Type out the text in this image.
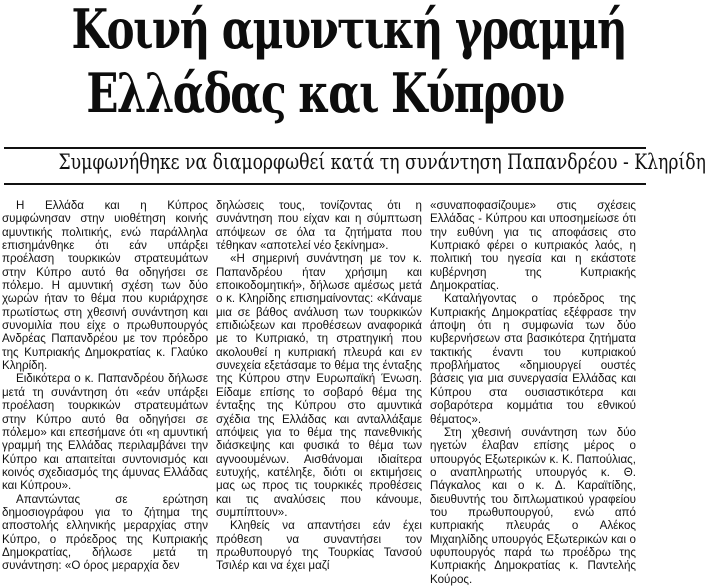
Κοινή αμυντική γραμμή
Ελλάδας και Κύπρου
Συμφωνήθηκε να διαμορφωθεί κατά τη συνάντηση Παπανδρέου - Κληρίδη

Η Ελλάδα και η Κύπρος συμφώνησαν στην υιοθέτηση κοινής αμυντικής πολιτικής, ενώ παράλληλα επισημάνθηκε ότι εάν υπάρξει προέλαση τουρκικών στρατευμάτων στην Κύπρο αυτό θα οδηγήσει σε πόλεμο. Η αμυντική σχέση των δύο χωρών ήταν το θέμα που κυριάρχησε πρωτίστως στη χθεσινή συνάντηση και συνομιλία που είχε ο πρωθυπουργός Ανδρέας Παπανδρέου με τον πρόεδρο της Κυπριακής Δημοκρατίας κ. Γλαύκο Κληρίδη.

Ειδικότερα ο κ. Παπανδρέου δήλωσε μετά τη συνάντηση ότι «εάν υπάρξει προέλαση τουρκικών στρατευμάτων στην Κύπρο αυτό θα οδηγήσει σε πόλεμο» και επεσήμανε ότι «η αμυντική γραμμή της Ελλάδας περιλαμβάνει την Κύπρο και απαιτείται συντονισμός και κοινός σχεδιασμός της άμυνας Ελλάδας και Κύπρου».

Απαντώντας σε ερώτηση δημοσιογράφου για το ζήτημα της αποστολής ελληνικής μεραρχίας στην Κύπρο, ο πρόεδρος της Κυπριακής Δημοκρατίας, δήλωσε μετά τη συνάντηση: «Ο όρος μεραρχία δεν

δηλώσεις τους, τονίζοντας ότι η συνάντηση που είχαν και η σύμπτωση απόψεων σε όλα τα ζητήματα που τέθηκαν «αποτελεί νέο ξεκίνημα».

«Η σημερινή συνάντηση με τον κ. Παπανδρέου ήταν χρήσιμη και εποικοδομητική», δήλωσε αμέσως μετά ο κ. Κληρίδης επισημαίνοντας: «Κάναμε μια σε βάθος ανάλυση των τουρκικών επιδιώξεων και προθέσεων αναφορικά με το Κυπριακό, τη στρατηγική που ακολουθεί η κυπριακή πλευρά και εν συνεχεία εξετάσαμε το θέμα της ένταξης της Κύπρου στην Ευρωπαϊκή Ένωση. Είδαμε επίσης το σοβαρό θέμα της ένταξης της Κύπρου στο αμυντικά σχέδια της Ελλάδας και ανταλλάξαμε απόψεις για το θέμα της πανεθνικής διάσκεψης και φυσικά το θέμα των αγνοουμένων. Αισθάνομαι ιδιαίτερα ευτυχής, κατέληξε, διότι οι εκτιμήσεις μας ως προς τις τουρκικές προθέσεις και τις αναλύσεις που κάνουμε, συμπίπτουν».

Κληθείς να απαντήσει εάν έχει πρόθεση να συναντήσει τον πρωθυπουργό της Τουρκίας Τανσού Τσιλέρ και να έχει μαζί

«συναποφασίζουμε» στις σχέσεις Ελλάδας - Κύπρου και υποσημείωσε ότι την ευθύνη για τις αποφάσεις στο Κυπριακό φέρει ο κυπριακός λαός, η πολιτική του ηγεσία και η εκάστοτε κυβέρνηση της Κυπριακής Δημοκρατίας.

Καταλήγοντας ο πρόεδρος της Κυπριακής Δημοκρατίας εξέφρασε την άποψη ότι η συμφωνία των δύο κυβερνήσεων στα βασικότερα ζητήματα τακτικής έναντι του κυπριακού προβλήματος «δημιουργεί ουστές βάσεις για μια συνεργασία Ελλάδας και Κύπρου στα ουσιαστικότερα και σοβαρότερα κομμάτια του εθνικού θέματος».

Στη χθεσινή συνάντηση των δύο ηγετών έλαβαν επίσης μέρος ο υπουργός Εξωτερικών κ. Κ. Παπούλιας, ο αναπληρωτής υπουργός κ. Θ. Πάγκαλος και ο κ. Δ. Καραϊτίδης, διευθυντής του διπλωματικού γραφείου του πρωθυπουργού, ενώ από κυπριακής πλευράς ο Αλέκος Μιχαηλίδης υπουργός Εξωτερικών και ο υφυπουργός παρά τω προέδρω της Κυπριακής Δημοκρατίας κ. Παντελής Κούρος.
